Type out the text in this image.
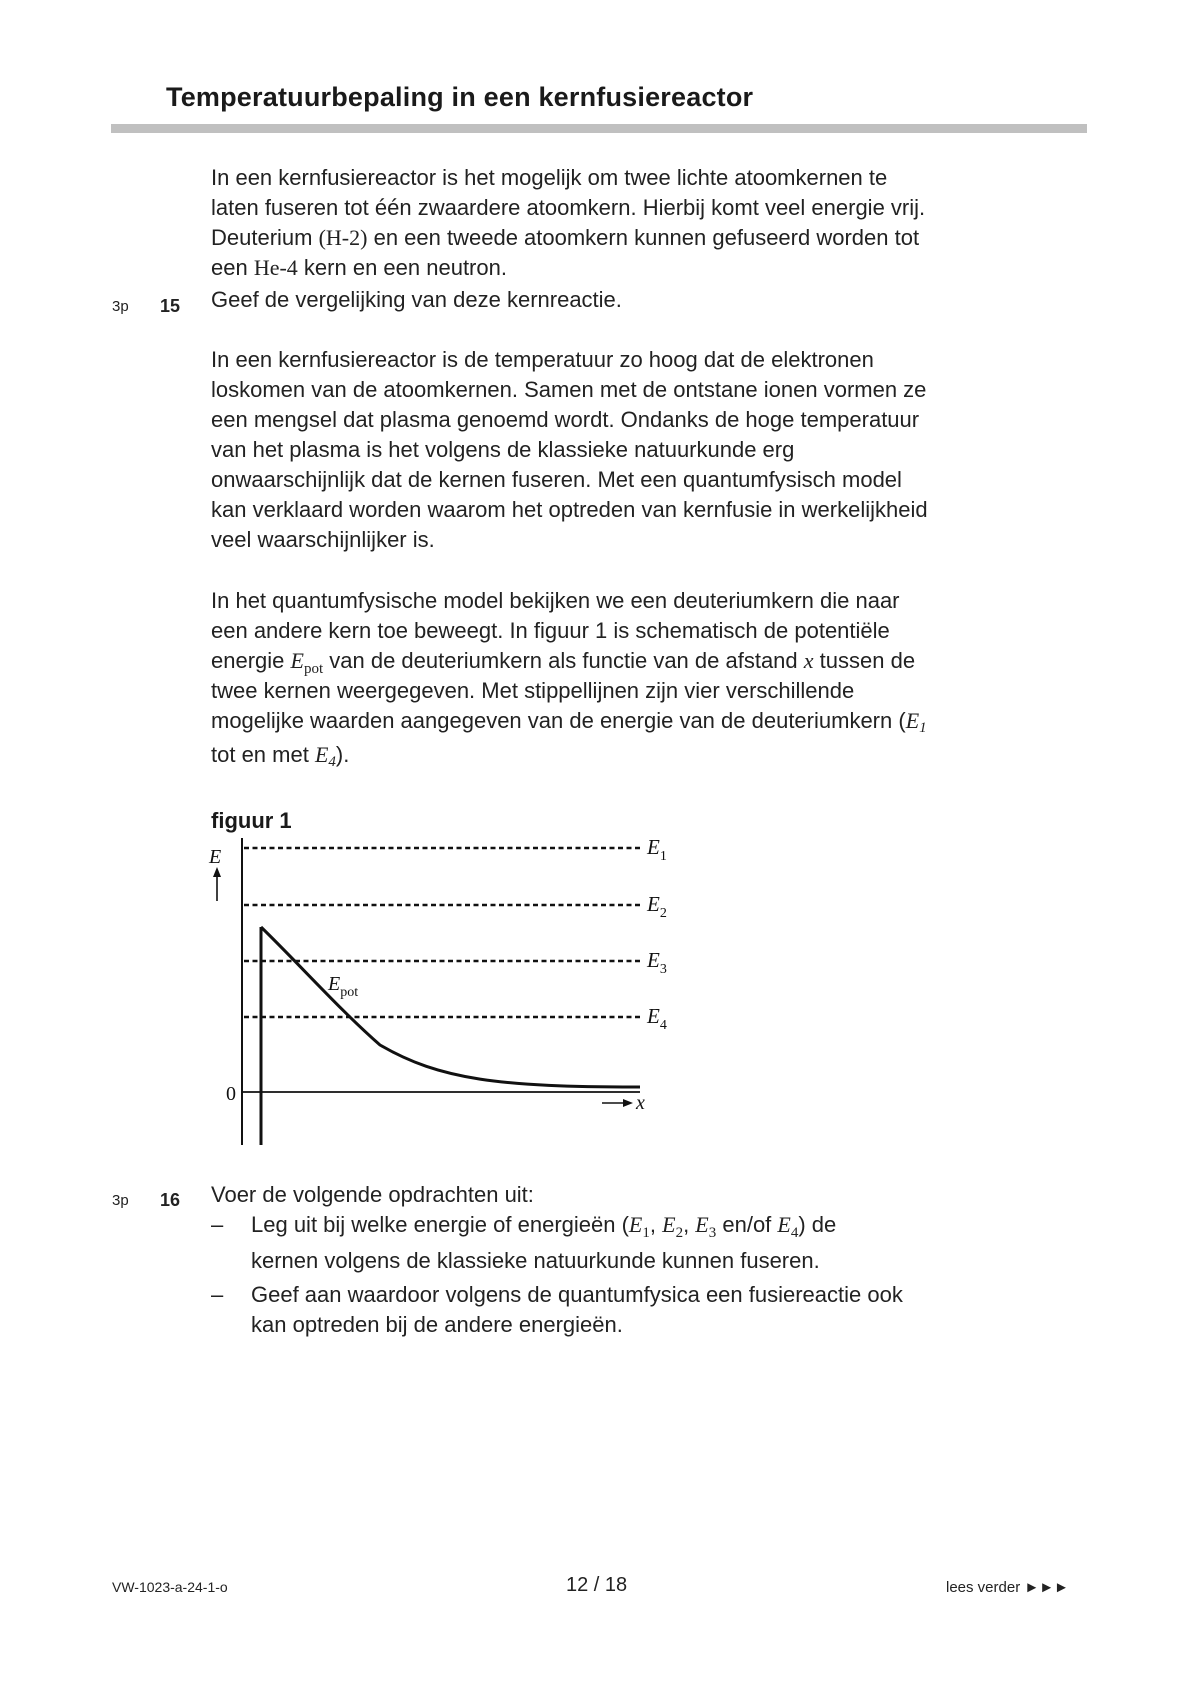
Temperatuurbepaling in een kernfusiereactor

In een kernfusiereactor is het mogelijk om twee lichte atoomkernen te

laten fuseren tot één zwaardere atoomkern. Hierbij komt veel energie vrij.

Deuterium (H-2) en een tweede atoomkern kunnen gefuseerd worden tot

een He-4 kern en een neutron.

3p 15 Geef de vergelijking van deze kernreactie.

In een kernfusiereactor is de temperatuur zo hoog dat de elektronen

loskomen van de atoomkernen. Samen met de ontstane ionen vormen ze

een mengsel dat plasma genoemd wordt. Ondanks de hoge temperatuur

van het plasma is het volgens de klassieke natuurkunde erg

onwaarschijnlijk dat de kernen fuseren. Met een quantumfysisch model

kan verklaard worden waarom het optreden van kernfusie in werkelijkheid

veel waarschijnlijker is.

In het quantumfysische model bekijken we een deuteriumkern die naar

een andere kern toe beweegt. In figuur 1 is schematisch de potentiële

energie $E_{pot}$ van de deuteriumkern als functie van de afstand x tussen de

twee kernen weergegeven. Met stippellijnen zijn vier verschillende

mogelijke waarden aangegeven van de energie van de deuteriumkern ($E_1$

tot en met $E_4$).

figuur 1
E	$E_1$
$E_2$
$E_3$
$E_4$
0	x
$E_{pot}$
3p 16 Voer de volgende opdrachten uit:
– Leg uit bij welke energie of energieën ($E_1$, $E_2$, $E_3$ en/of $E_4$) de
kernen volgens de klassieke natuurkunde kunnen fuseren.
– Geef aan waardoor volgens de quantumfysica een fusiereactie ook
kan optreden bij de andere energieën.
VW-1023-a-24-1-o	12 / 18	lees verder ►►►
